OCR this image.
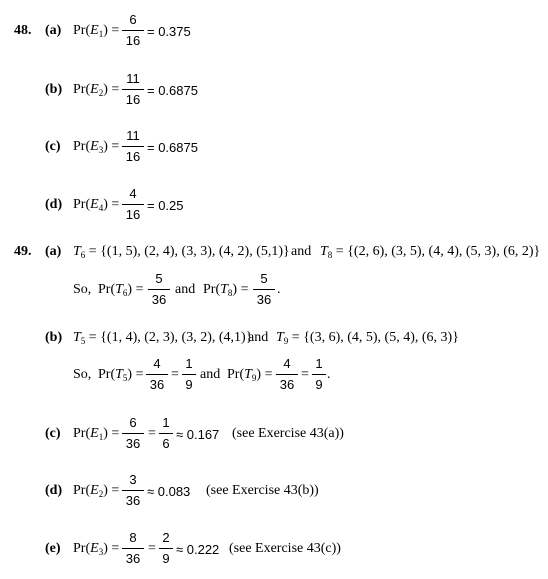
48. (a) $Pr(E_1)$ =
6
16
= 0.375
(b) $Pr(E_2)$ =
11
16
= 0.6875
(c) $Pr(E_3)$ =
11
16
= 0.6875
(d) $Pr(E_4)$ =
4
16
= 0.25
49. (a) $T_6 = \{(1$, 5), (2, 4), (3, 3), (4, 2), (5,1)} and $T_8 = \{(2$, 6), (3, 5), (4, 4), (5, 3), (6, 2)}
So, $Pr(T_6)$ =
5
36
and $Pr(T_8)$ =
5
36
.
(b) $T_5 = \{(1$, 4), (2, 3), (3, 2), (4,1)}
and $T_9 = \{(3$, 6), (4, 5), (5, 4), (6, 3)}
So, $Pr(T_5)$ =
4
36
=
1
9
and $Pr(T_9)$ =
4
36
=
1
9
.
(c) $Pr(E_1)$ =
6
36
=
1
6
≈ 0.167 (see Exercise 43(a))
(d) $Pr(E_2)$ =
3
36
≈ 0.083 (see Exercise 43(b))
(e) $Pr(E_3)$ =
8
36
=
2
9
≈ 0.222 (see Exercise 43(c))
